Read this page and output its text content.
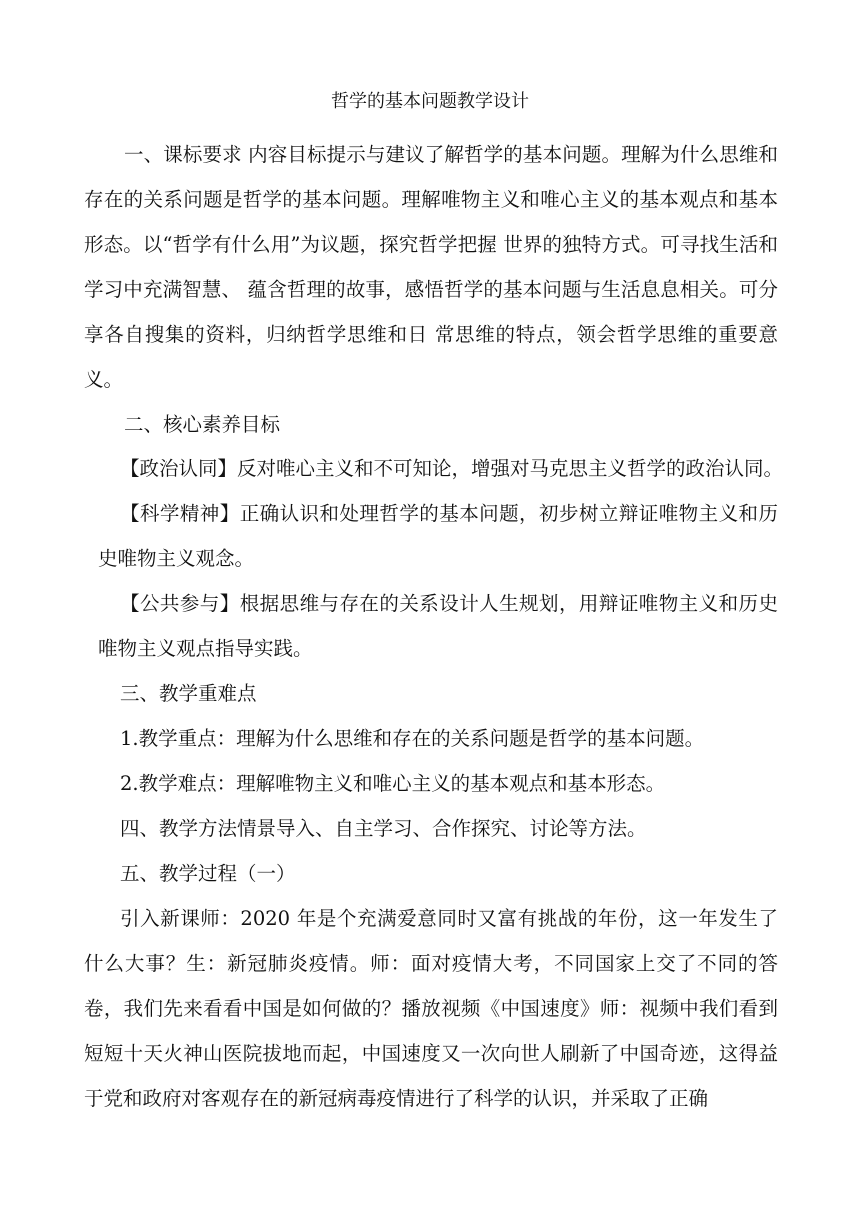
哲学的基本问题教学设计

一、课标要求 内容目标提示与建议了解哲学的基本问题。理解为什么思维和存在的关系问题是哲学的基本问题。理解唯物主义和唯心主义的基本观点和基本形态。以“哲学有什么用”为议题，探究哲学把握 世界的独特方式。可寻找生活和学习中充满智慧、 蕴含哲理的故事，感悟哲学的基本问题与生活息息相关。可分享各自搜集的资料，归纳哲学思维和日 常思维的特点，领会哲学思维的重要意义。

二、核心素养目标

【政治认同】反对唯心主义和不可知论，增强对马克思主义哲学的政治认同。

【科学精神】正确认识和处理哲学的基本问题，初步树立辩证唯物主义和历史唯物主义观念。

【公共参与】根据思维与存在的关系设计人生规划，用辩证唯物主义和历史唯物主义观点指导实践。

三、教学重难点

1.教学重点：理解为什么思维和存在的关系问题是哲学的基本问题。

2.教学难点：理解唯物主义和唯心主义的基本观点和基本形态。

四、教学方法情景导入、自主学习、合作探究、讨论等方法。

五、教学过程（一）

引入新课师：2020 年是个充满爱意同时又富有挑战的年份，这一年发生了什么大事？生：新冠肺炎疫情。师：面对疫情大考，不同国家上交了不同的答卷，我们先来看看中国是如何做的？播放视频《中国速度》师：视频中我们看到短短十天火神山医院拔地而起，中国速度又一次向世人刷新了中国奇迹，这得益于党和政府对客观存在的新冠病毒疫情进行了科学的认识，并采取了正确
